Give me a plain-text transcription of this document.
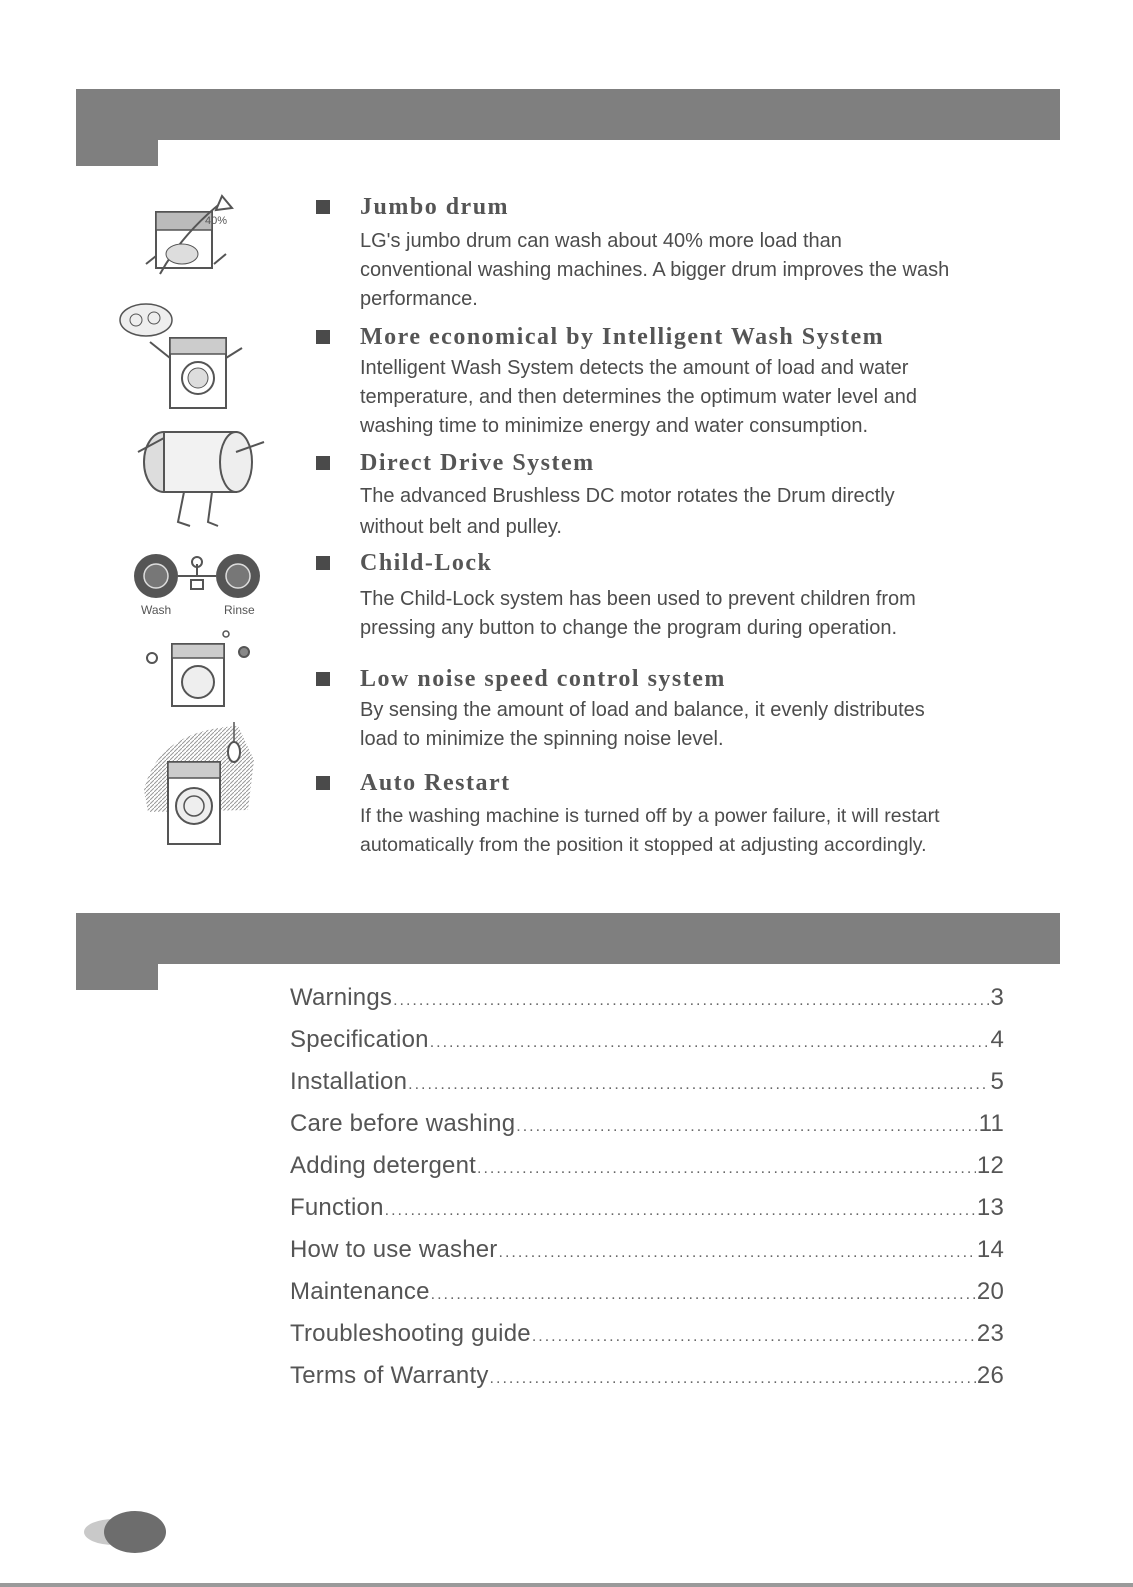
40%
Wash	Rinse
Jumbo drum
LG's jumbo drum can wash about 40% more load than
conventional washing machines. A bigger drum improves the wash
performance.
More economical by Intelligent Wash System
Intelligent Wash System detects the amount of load and water
temperature, and then determines the optimum water level and
washing time to minimize energy and water consumption.
Direct Drive System
The advanced Brushless DC motor rotates the Drum directly
without belt and pulley.
Child-Lock
The Child-Lock system has been used to prevent children from
pressing any button to change the program during operation.
Low noise speed control system
By sensing the amount of load and balance, it evenly distributes
load to minimize the spinning noise level.
Auto Restart
If the washing machine is turned off by a power failure, it will restart
automatically from the position it stopped at adjusting accordingly.
Warnings .....	3
Specification .....	4
Installation .....	5
Care before washing .....	11
Adding detergent .....	12
Function .....	13
How to use washer .....	14
Maintenance .....	20
Troubleshooting guide .....	23
Terms of Warranty .....	26
